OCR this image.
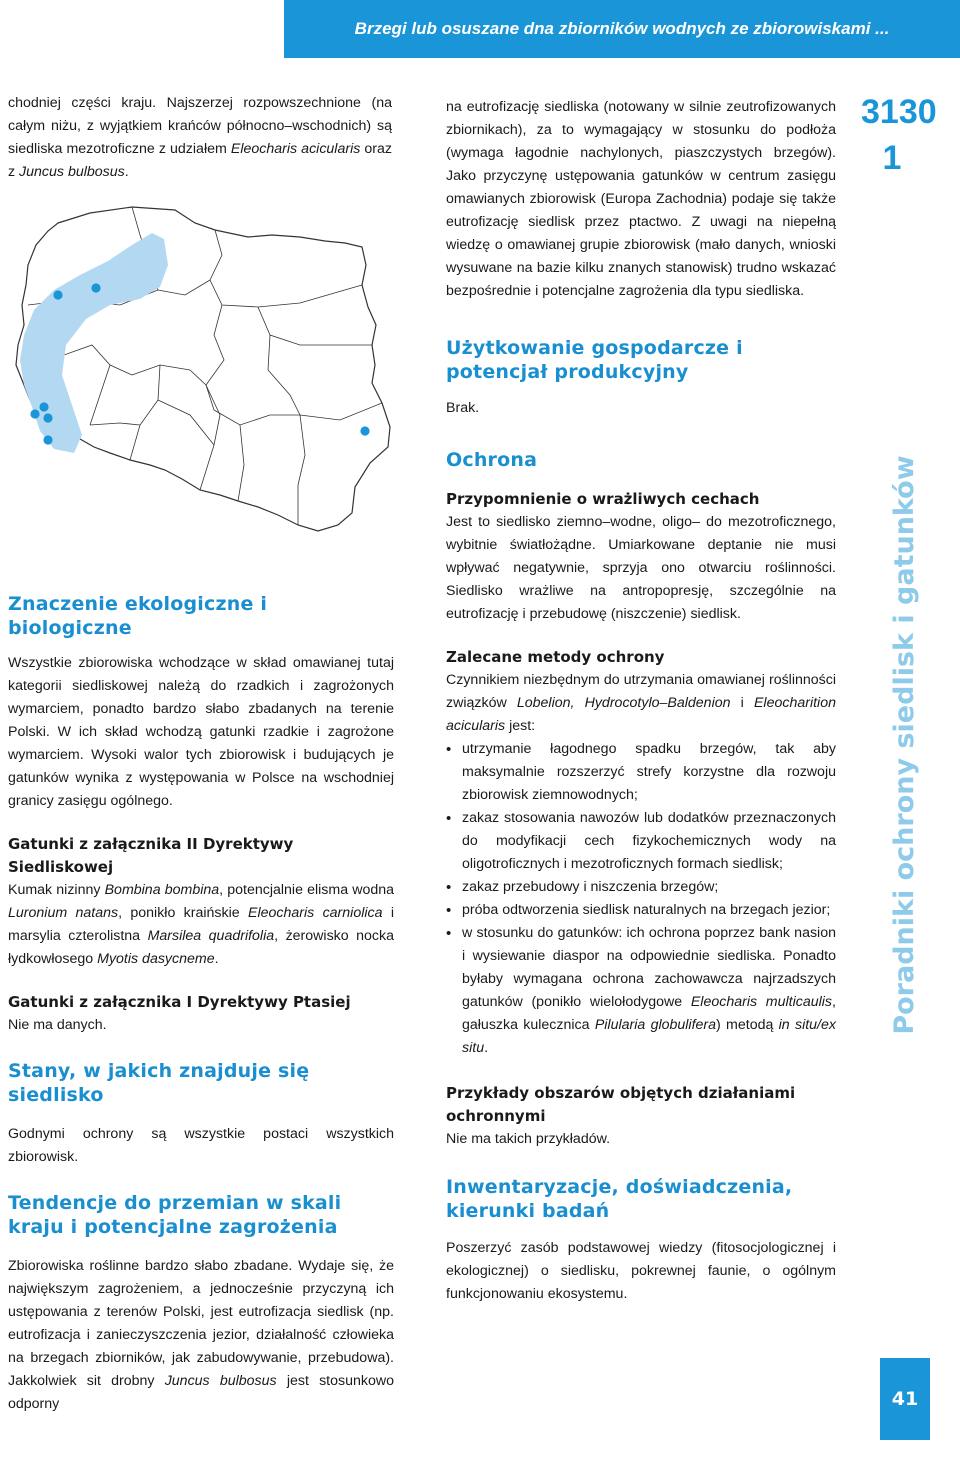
Brzegi lub osuszane dna zbiorników wodnych ze zbiorowiskami ...
3130
1
Poradniki ochrony siedlisk i gatunków
41

chodniej części kraju. Najszerzej rozpowszechnione (na całym niżu, z wyjątkiem krańców północno–wschodnich) są siedliska mezotroficzne z udziałem Eleocharis acicularis oraz z Juncus bulbosus.

na eutrofizację siedliska (notowany w silnie zeutrofizowanych zbiornikach), za to wymagający w stosunku do podłoża (wymaga łagodnie nachylonych, piaszczystych brzegów). Jako przyczynę ustępowania gatunków w centrum zasięgu omawianych zbiorowisk (Europa Zachodnia) podaje się także eutrofizację siedlisk przez ptactwo. Z uwagi na niepełną wiedzę o omawianej grupie zbiorowisk (mało danych, wnioski wysuwane na bazie kilku znanych stanowisk) trudno wskazać bezpośrednie i potencjalne zagrożenia dla typu siedliska.

Użytkowanie gospodarcze i potencjał produkcyjny

Brak.

Ochrona
Przypomnienie o wrażliwych cechach

Jest to siedlisko ziemno–wodne, oligo– do mezotroficznego, wybitnie światłożądne. Umiarkowane deptanie nie musi wpływać negatywnie, sprzyja ono otwarciu roślinności. Siedlisko wrażliwe na antropopresję, szczególnie na eutrofizację i przebudowę (niszczenie) siedlisk.

Zalecane metody ochrony

Czynnikiem niezbędnym do utrzymania omawianej roślinności związków Lobelion, Hydrocotylo–Baldenion i Eleocharition acicularis jest:

• utrzymanie łagodnego spadku brzegów, tak aby maksymalnie rozszerzyć strefy korzystne dla rozwoju zbiorowisk ziemnowodnych;
• zakaz stosowania nawozów lub dodatków przeznaczonych do modyfikacji cech fizykochemicznych wody na oligotroficznych i mezotroficznych formach siedlisk;
• zakaz przebudowy i niszczenia brzegów;
• próba odtworzenia siedlisk naturalnych na brzegach jezior;
• w stosunku do gatunków: ich ochrona poprzez bank nasion i wysiewanie diaspor na odpowiednie siedliska. Ponadto byłaby wymagana ochrona zachowawcza najrzadszych gatunków (ponikło wielołodygowe Eleocharis multicaulis, gałuszka kulecznica Pilularia globulifera) metodą in situ/ex situ.
Przykłady obszarów objętych działaniami ochronnymi

Nie ma takich przykładów.

Inwentaryzacje, doświadczenia, kierunki badań

Poszerzyć zasób podstawowej wiedzy (fitosocjologicznej i ekologicznej) o siedlisku, pokrewnej faunie, o ogólnym funkcjonowaniu ekosystemu.

Znaczenie ekologiczne i biologiczne

Wszystkie zbiorowiska wchodzące w skład omawianej tutaj kategorii siedliskowej należą do rzadkich i zagrożonych wymarciem, ponadto bardzo słabo zbadanych na terenie Polski. W ich skład wchodzą gatunki rzadkie i zagrożone wymarciem. Wysoki walor tych zbiorowisk i budujących je gatunków wynika z występowania w Polsce na wschodniej granicy zasięgu ogólnego.

Gatunki z załącznika II Dyrektywy Siedliskowej

Kumak nizinny Bombina bombina, potencjalnie elisma wodna Luronium natans, ponikło kraińskie Eleocharis carniolica i marsylia czterolistna Marsilea quadrifolia, żerowisko nocka łydkowłosego Myotis dasycneme.

Gatunki z załącznika I Dyrektywy Ptasiej

Nie ma danych.

Stany, w jakich znajduje się siedlisko

Godnymi ochrony są wszystkie postaci wszystkich zbiorowisk.

Tendencje do przemian w skali kraju i potencjalne zagrożenia

Zbiorowiska roślinne bardzo słabo zbadane. Wydaje się, że największym zagrożeniem, a jednocześnie przyczyną ich ustępowania z terenów Polski, jest eutrofizacja siedlisk (np. eutrofizacja i zanieczyszczenia jezior, działalność człowieka na brzegach zbiorników, jak zabudowywanie, przebudowa). Jakkolwiek sit drobny Juncus bulbosus jest stosunkowo odporny
